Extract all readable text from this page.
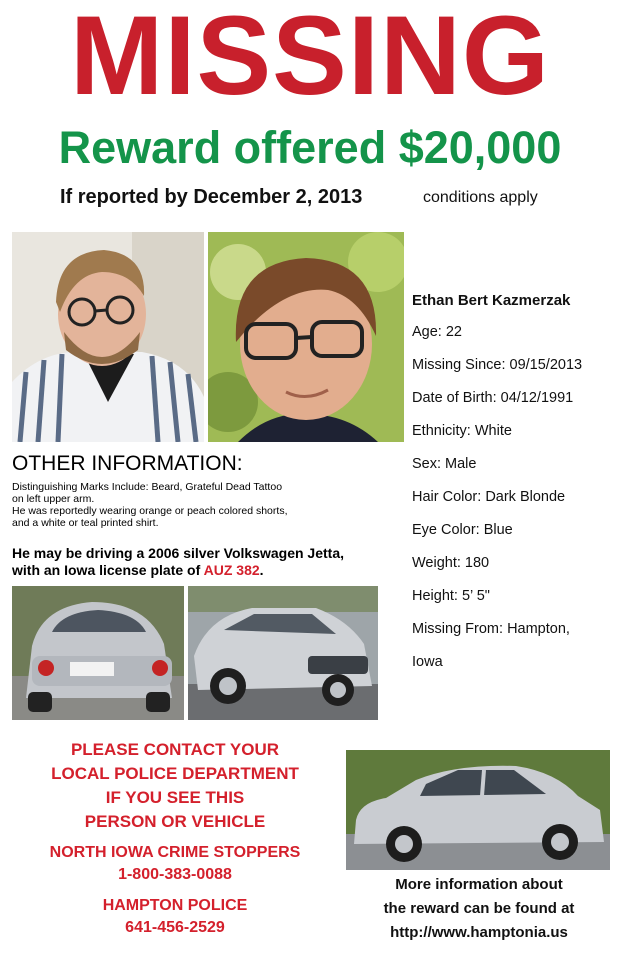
MISSING
Reward offered $20,000
If reported by December 2, 2013	conditions apply
Ethan Bert Kazmerzak
Age: 22
Missing Since: 09/15/2013
Date of Birth: 04/12/1991
Ethnicity: White
Sex: Male
Hair Color: Dark Blonde
Eye Color: Blue
Weight: 180
Height: 5’ 5"
Missing From: Hampton,
Iowa
OTHER INFORMATION:
Distinguishing Marks Include: Beard, Grateful Dead Tattoo
on left upper arm.
He was reportedly wearing orange or peach colored shorts,
and a white or teal printed shirt.
He may be driving a 2006 silver Volkswagen Jetta,
with an Iowa license plate of AUZ 382.
PLEASE CONTACT YOUR
LOCAL POLICE DEPARTMENT
IF YOU SEE THIS
PERSON OR VEHICLE
NORTH IOWA CRIME STOPPERS
1-800-383-0088
HAMPTON POLICE
641-456-2529
More information about
the reward can be found at
http://www.hamptonia.us
